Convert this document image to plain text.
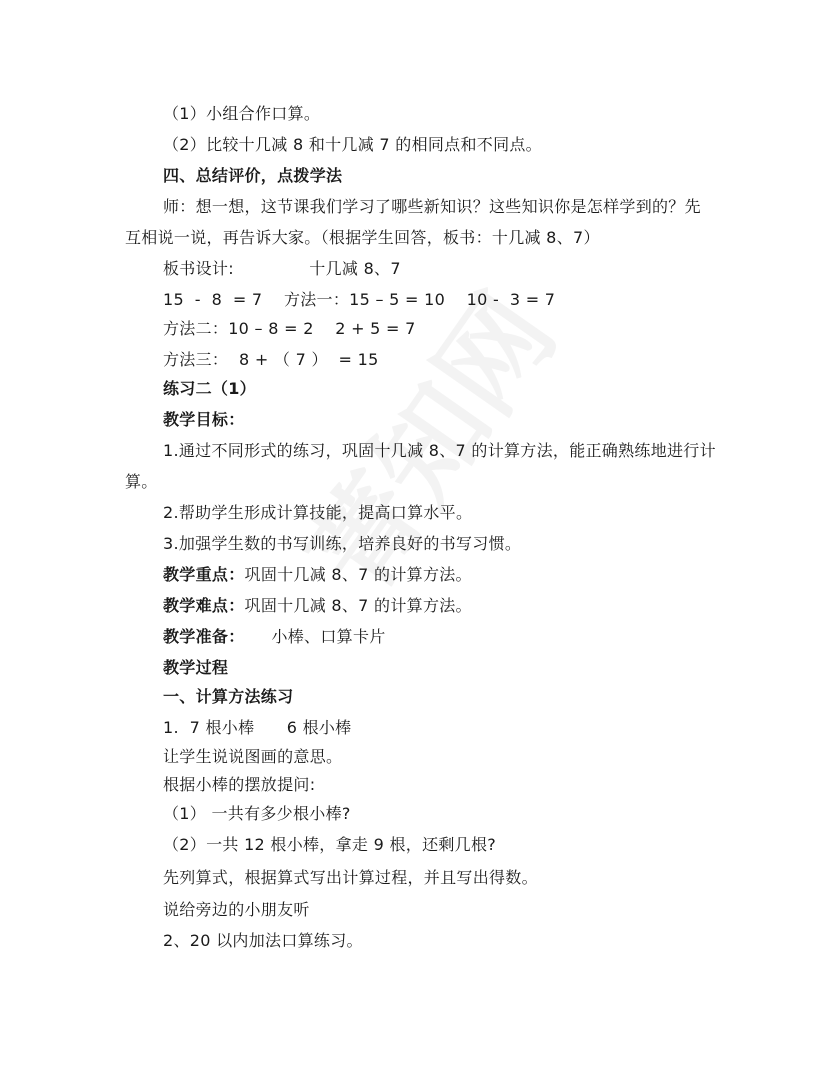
（1）小组合作口算。

（2）比较十几减 8 和十几减 7 的相同点和不同点。

四、总结评价，点拨学法

师：想一想，这节课我们学习了哪些新知识？这些知识你是怎样学到的？先

互相说一说，再告诉大家。（根据学生回答，板书：十几减 8、7）

板书设计:              十几减 8、7

15  -  8  = 7    方法一：15 – 5 = 10    10 -  3 = 7

方法二：10 – 8 = 2    2 + 5 = 7

方法三：  8 + （ 7 ）  = 15

练习二（1）

教学目标：

1.通过不同形式的练习，巩固十几减 8、7 的计算方法，能正确熟练地进行计

算。

2.帮助学生形成计算技能，提高口算水平。

3.加强学生数的书写训练，培养良好的书写习惯。

教学重点：巩固十几减 8、7 的计算方法。

教学难点：巩固十几减 8、7 的计算方法。

教学准备：     小棒、口算卡片

教学过程

一、计算方法练习

1.  7 根小棒      6 根小棒

让学生说说图画的意思。

根据小棒的摆放提问:

（1） 一共有多少根小棒?

（2）一共 12 根小棒，拿走 9 根，还剩几根?

先列算式，根据算式写出计算过程，并且写出得数。

说给旁边的小朋友听

2、20 以内加法口算练习。
